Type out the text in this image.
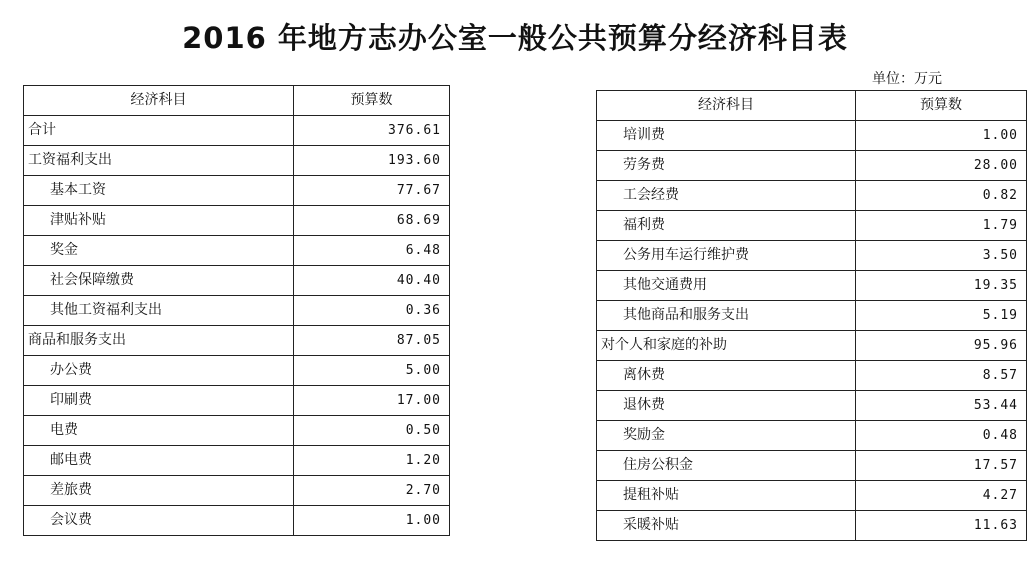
2016 年地方志办公室一般公共预算分经济科目表
单位：万元
经济科目	预算数
合计	376.61
工资福利支出	193.60
基本工资	77.67
津贴补贴	68.69
奖金	6.48
社会保障缴费	40.40
其他工资福利支出	0.36
商品和服务支出	87.05
办公费	5.00
印刷费	17.00
电费	0.50
邮电费	1.20
差旅费	2.70
会议费	1.00
经济科目	预算数
培训费	1.00
劳务费	28.00
工会经费	0.82
福利费	1.79
公务用车运行维护费	3.50
其他交通费用	19.35
其他商品和服务支出	5.19
对个人和家庭的补助	95.96
离休费	8.57
退休费	53.44
奖励金	0.48
住房公积金	17.57
提租补贴	4.27
采暖补贴	11.63
